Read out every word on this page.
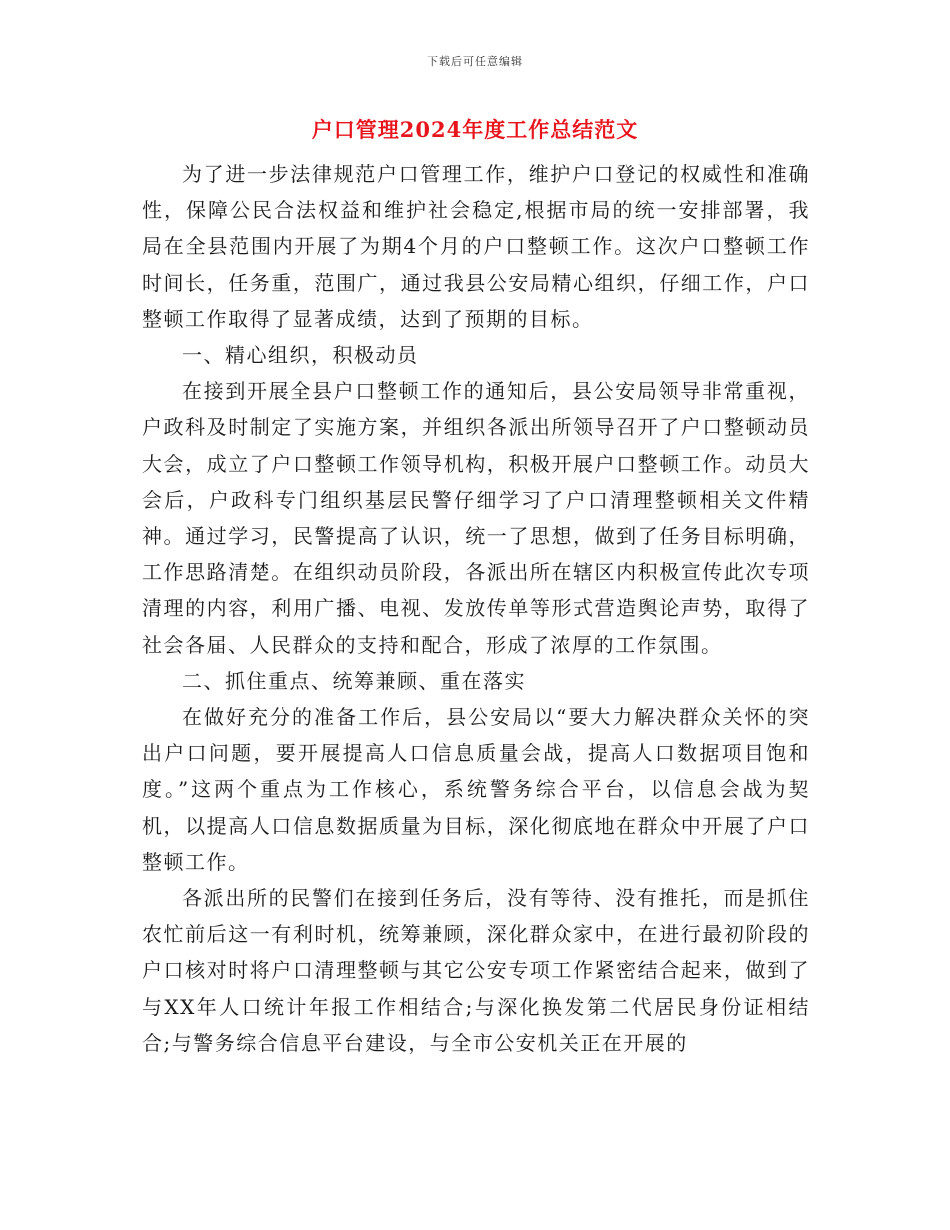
下载后可任意编辑
户口管理2024年度工作总结范文

为了进一步法律规范户口管理工作，维护户口登记的权威性和准确性，保障公民合法权益和维护社会稳定,根据市局的统一安排部署，我局在全县范围内开展了为期4个月的户口整顿工作。这次户口整顿工作时间长，任务重，范围广，通过我县公安局精心组织，仔细工作，户口整顿工作取得了显著成绩，达到了预期的目标。

一、精心组织，积极动员

在接到开展全县户口整顿工作的通知后，县公安局领导非常重视，户政科及时制定了实施方案，并组织各派出所领导召开了户口整顿动员大会，成立了户口整顿工作领导机构，积极开展户口整顿工作。动员大会后，户政科专门组织基层民警仔细学习了户口清理整顿相关文件精神。通过学习，民警提高了认识，统一了思想，做到了任务目标明确，工作思路清楚。在组织动员阶段，各派出所在辖区内积极宣传此次专项清理的内容，利用广播、电视、发放传单等形式营造舆论声势，取得了社会各届、人民群众的支持和配合，形成了浓厚的工作氛围。

二、抓住重点、统筹兼顾、重在落实

在做好充分的准备工作后，县公安局以“要大力解决群众关怀的突出户口问题，要开展提高人口信息质量会战，提高人口数据项目饱和度。”这两个重点为工作核心，系统警务综合平台，以信息会战为契机，以提高人口信息数据质量为目标，深化彻底地在群众中开展了户口整顿工作。

各派出所的民警们在接到任务后，没有等待、没有推托，而是抓住农忙前后这一有利时机，统筹兼顾，深化群众家中，在进行最初阶段的户口核对时将户口清理整顿与其它公安专项工作紧密结合起来，做到了与XX年人口统计年报工作相结合;与深化换发第二代居民身份证相结合;与警务综合信息平台建设，与全市公安机关正在开展的
